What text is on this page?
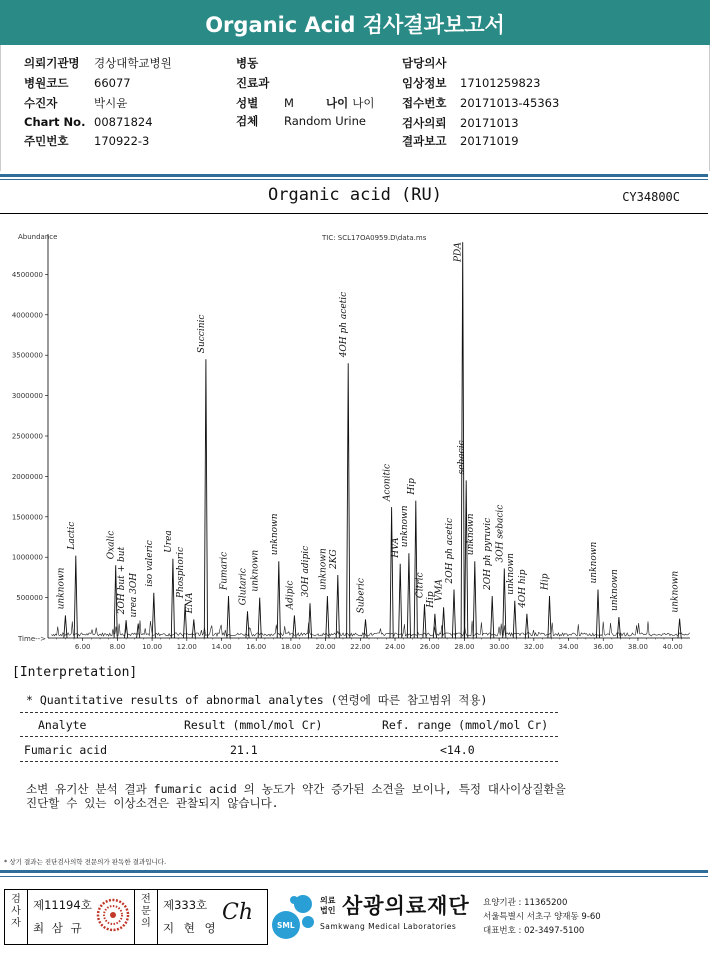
Organic Acid 검사결과보고서
의뢰기관명 경상대학교병원
병원코드 66077
수진자	박시윤
Chart No. 00871824
주민번호 170922-3
병동
진료과
성별 M	나이 나이
검체 Random Urine
담당의사
임상정보 17101259823
접수번호 20171013-45363
검사의뢰 20171013
결과보고 20171019
Organic acid (RU)	CY34800C
Abundance	TIC: SCL17OA0959.D\data.ms
500000
1000000
1500000
2000000
2500000
3000000
3500000
4000000
4500000
Time-->
6.00	8.00 10.00 12.00 14.00 16.00 18.00 20.00 22.00 24.00 26.00 28.00 30.00 32.00 34.00 36.00 38.00 40.00
unknown
Lactic	Oxalic
2OH but + but urea 3OH
iso valeric Urea
Phosphoric
ENA
Succinic
Fumaric Glutaric unknown
unknown
Adipic 3OH adipic unknown 2KG
4OH ph acetic
Suberic
Aconitic
HVA
unknown
Hip
Citric
Hip
VMA
2OH ph acetic
PDA
sebacic
unknown 2OH ph pyruvic 3OH sebacic
unknown 4OH hip Hip	unknown
unknown	unknown
[Interpretation]
* Quantitative results of abnormal analytes (연령에 따른 참고범위 적용)
Analyte	Result (mmol/mol Cr)	Ref. range (mmol/mol Cr)
Fumaric acid	21.1	<14.0
소변 유기산 분석 결과 fumaric acid 의 농도가 약간 증가된 소견을 보이나, 특정 대사이상질환을
진단할 수 있는 이상소견은 관찰되지 않습니다.
* 상기 결과는 진단검사의학 전문의가 판독한 결과입니다.
검사자
제11194호
최 삼 규
전문의
제333호
지 현 영
Ch
SML
의료법인 삼광의료재단
Samkwang Medical Laboratories
요양기관 : 11365200
서울특별시 서초구 양재동 9-60
대표번호 : 02-3497-5100
